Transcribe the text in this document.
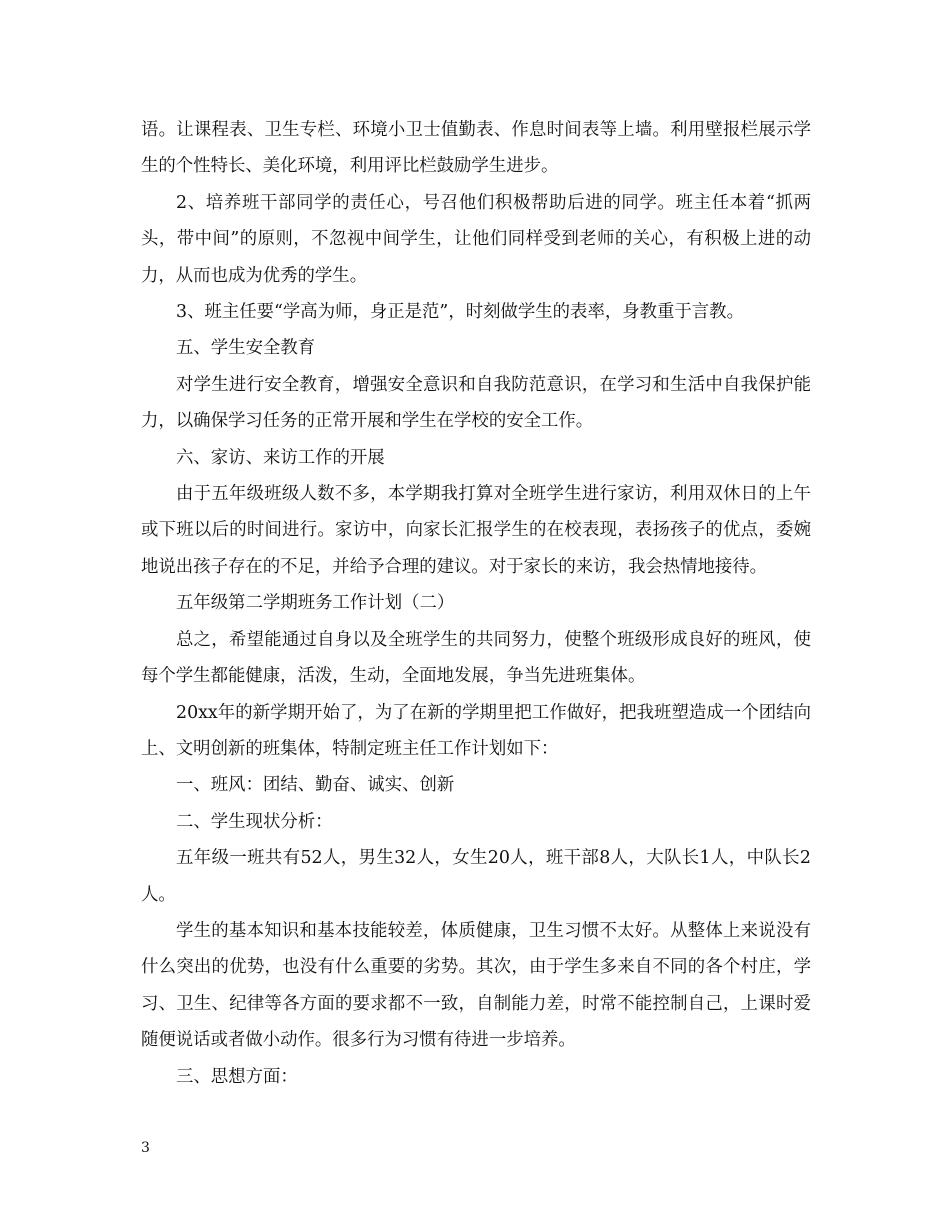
语。让课程表、卫生专栏、环境小卫士值勤表、作息时间表等上墙。利用壁报栏展示学生的个性特长、美化环境，利用评比栏鼓励学生进步。

2、培养班干部同学的责任心，号召他们积极帮助后进的同学。班主任本着“抓两头，带中间”的原则，不忽视中间学生，让他们同样受到老师的关心，有积极上进的动力，从而也成为优秀的学生。

3、班主任要“学高为师，身正是范”，时刻做学生的表率，身教重于言教。

五、学生安全教育

对学生进行安全教育，增强安全意识和自我防范意识，在学习和生活中自我保护能力，以确保学习任务的正常开展和学生在学校的安全工作。

六、家访、来访工作的开展

由于五年级班级人数不多，本学期我打算对全班学生进行家访，利用双休日的上午或下班以后的时间进行。家访中，向家长汇报学生的在校表现，表扬孩子的优点，委婉地说出孩子存在的不足，并给予合理的建议。对于家长的来访，我会热情地接待。

五年级第二学期班务工作计划（二）

总之，希望能通过自身以及全班学生的共同努力，使整个班级形成良好的班风，使每个学生都能健康，活泼，生动，全面地发展，争当先进班集体。

20xx年的新学期开始了，为了在新的学期里把工作做好，把我班塑造成一个团结向上、文明创新的班集体，特制定班主任工作计划如下：

一、班风：团结、勤奋、诚实、创新

二、学生现状分析：

五年级一班共有52人，男生32人，女生20人，班干部8人，大队长1人，中队长2人。

学生的基本知识和基本技能较差，体质健康，卫生习惯不太好。从整体上来说没有什么突出的优势，也没有什么重要的劣势。其次，由于学生多来自不同的各个村庄，学习、卫生、纪律等各方面的要求都不一致，自制能力差，时常不能控制自己，上课时爱随便说话或者做小动作。很多行为习惯有待进一步培养。

三、思想方面：

3
